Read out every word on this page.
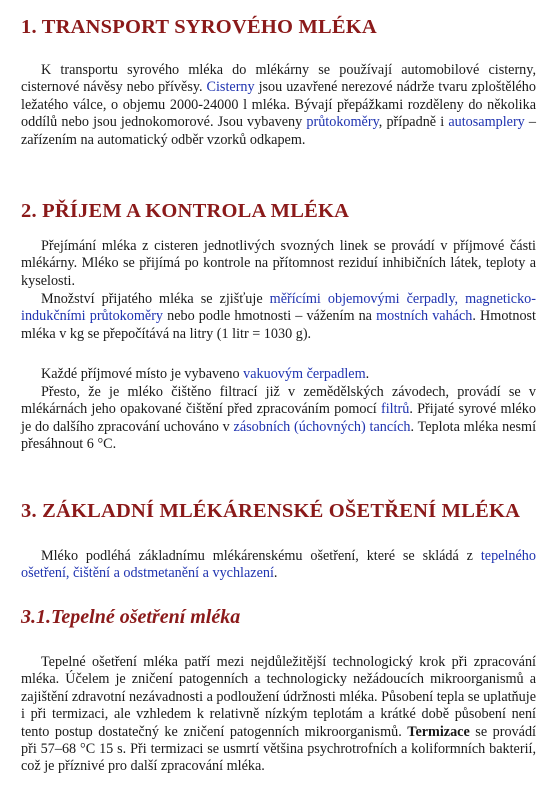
1. TRANSPORT SYROVÉHO MLÉKA

K transportu syrového mléka do mlékárny se používají automobilové cisterny, cisternové návěsy nebo přívěsy. Cisterny jsou uzavřené nerezové nádrže tvaru zploštělého ležatého válce, o objemu 2000-24000 l mléka. Bývají přepážkami rozděleny do několika oddílů nebo jsou jednokomorové. Jsou vybaveny průtokoměry, případně i autosamplery – zařízením na automatický odběr vzorků odkapem.

2. PŘÍJEM A KONTROLA MLÉKA

Přejímání mléka z cisteren jednotlivých svozných linek se provádí v příjmové části mlékárny. Mléko se přijímá po kontrole na přítomnost reziduí inhibičních látek, teploty a kyselosti.

Množství přijatého mléka se zjišťuje měřícími objemovými čerpadly, magneticko-indukčními průtokoměry nebo podle hmotnosti – vážením na mostních vahách. Hmotnost mléka v kg se přepočítává na litry (1 litr = 1030 g).

Každé příjmové místo je vybaveno vakuovým čerpadlem.

Přesto, že je mléko čištěno filtrací již v zemědělských závodech, provádí se v mlékárnách jeho opakované čištění před zpracováním pomocí filtrů. Přijaté syrové mléko je do dalšího zpracování uchováno v zásobních (úchovných) tancích. Teplota mléka nesmí přesáhnout 6 °C.

3. ZÁKLADNÍ MLÉKÁRENSKÉ OŠETŘENÍ MLÉKA

Mléko podléhá základnímu mlékárenskému ošetření, které se skládá z tepelného ošetření, čištění a odstmetanění a vychlazení.

3.1.Tepelné ošetření mléka

Tepelné ošetření mléka patří mezi nejdůležitější technologický krok při zpracování mléka. Účelem je zničení patogenních a technologicky nežádoucích mikroorganismů a zajištění zdravotní nezávadnosti a podloužení údržnosti mléka. Působení tepla se uplatňuje i při termizaci, ale vzhledem k relativně nízkým teplotám a krátké době působení není tento postup dostatečný ke zničení patogenních mikroorganismů. Termizace se provádí při 57–68 °C 15 s. Při termizaci se usmrtí většina psychrotrofních a koliformních bakterií, což je příznivé pro další zpracování mléka.
